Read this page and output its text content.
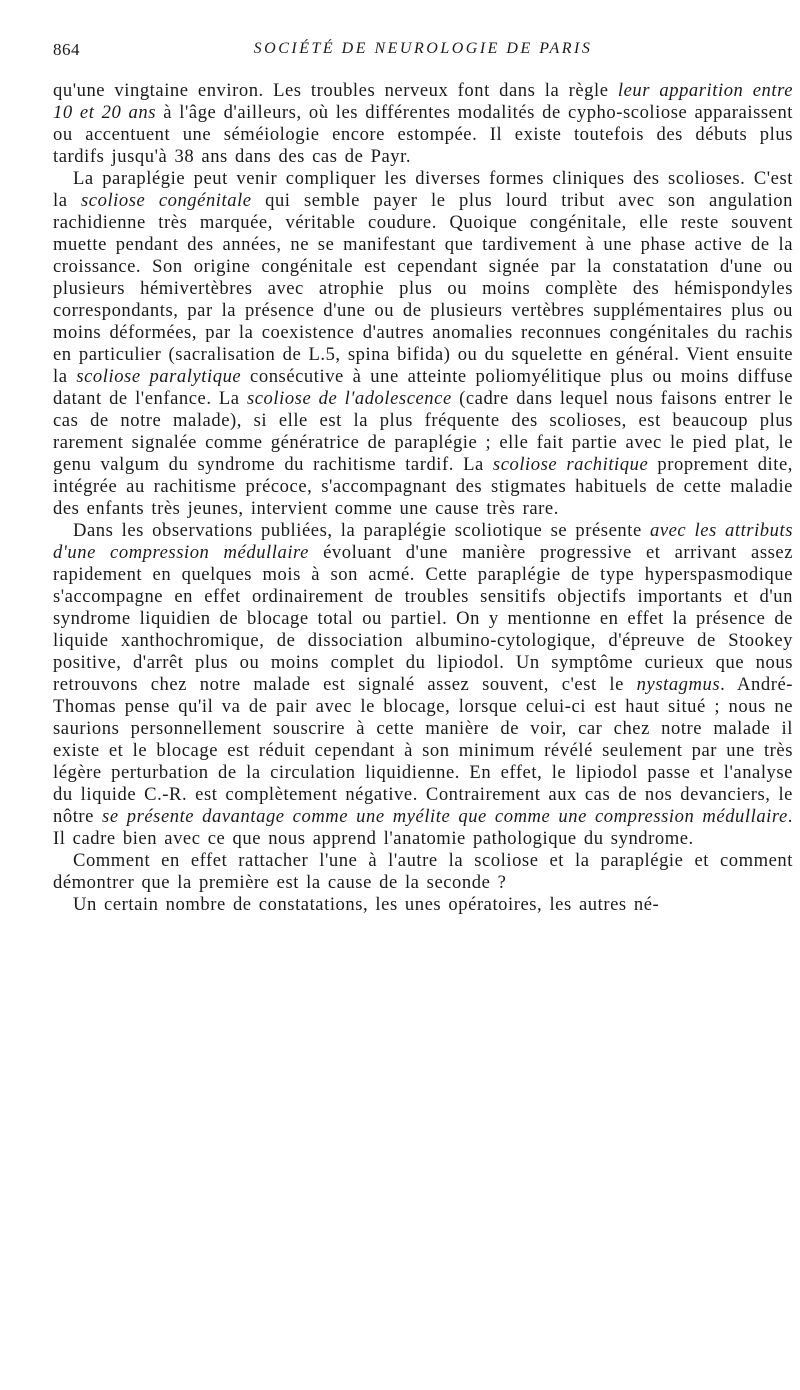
864	SOCIÉTÉ DE NEUROLOGIE DE PARIS

qu'une vingtaine environ. Les troubles nerveux font dans la règle leur apparition entre 10 et 20 ans à l'âge d'ailleurs, où les différentes modalités de cypho-scoliose apparaissent ou accentuent une séméiologie encore estompée. Il existe toutefois des débuts plus tardifs jusqu'à 38 ans dans des cas de Payr.

La paraplégie peut venir compliquer les diverses formes cliniques des scolioses. C'est la scoliose congénitale qui semble payer le plus lourd tribut avec son angulation rachidienne très marquée, véritable coudure. Quoique congénitale, elle reste souvent muette pendant des années, ne se manifestant que tardivement à une phase active de la croissance. Son origine congénitale est cependant signée par la constatation d'une ou plusieurs hémivertèbres avec atrophie plus ou moins complète des hémispondyles correspondants, par la présence d'une ou de plusieurs vertèbres supplémentaires plus ou moins déformées, par la coexistence d'autres anomalies reconnues congénitales du rachis en particulier (sacralisation de L.5, spina bifida) ou du squelette en général. Vient ensuite la scoliose paralytique consécutive à une atteinte poliomyélitique plus ou moins diffuse datant de l'enfance. La scoliose de l'adolescence (cadre dans lequel nous faisons entrer le cas de notre malade), si elle est la plus fréquente des scolioses, est beaucoup plus rarement signalée comme génératrice de paraplégie ; elle fait partie avec le pied plat, le genu valgum du syndrome du rachitisme tardif. La scoliose rachitique proprement dite, intégrée au rachitisme précoce, s'accompagnant des stigmates habituels de cette maladie des enfants très jeunes, intervient comme une cause très rare.

Dans les observations publiées, la paraplégie scoliotique se présente avec les attributs d'une compression médullaire évoluant d'une manière progressive et arrivant assez rapidement en quelques mois à son acmé. Cette paraplégie de type hyperspasmodique s'accompagne en effet ordinairement de troubles sensitifs objectifs importants et d'un syndrome liquidien de blocage total ou partiel. On y mentionne en effet la présence de liquide xanthochromique, de dissociation albumino-cytologique, d'épreuve de Stookey positive, d'arrêt plus ou moins complet du lipiodol. Un symptôme curieux que nous retrouvons chez notre malade est signalé assez souvent, c'est le nystagmus. André-Thomas pense qu'il va de pair avec le blocage, lorsque celui-ci est haut situé ; nous ne saurions personnellement souscrire à cette manière de voir, car chez notre malade il existe et le blocage est réduit cependant à son minimum révélé seulement par une très légère perturbation de la circulation liquidienne. En effet, le lipiodol passe et l'analyse du liquide C.-R. est complètement négative. Contrairement aux cas de nos devanciers, le nôtre se présente davantage comme une myélite que comme une compression médullaire. Il cadre bien avec ce que nous apprend l'anatomie pathologique du syndrome.

Comment en effet rattacher l'une à l'autre la scoliose et la paraplégie et comment démontrer que la première est la cause de la seconde ?

Un certain nombre de constatations, les unes opératoires, les autres né-
